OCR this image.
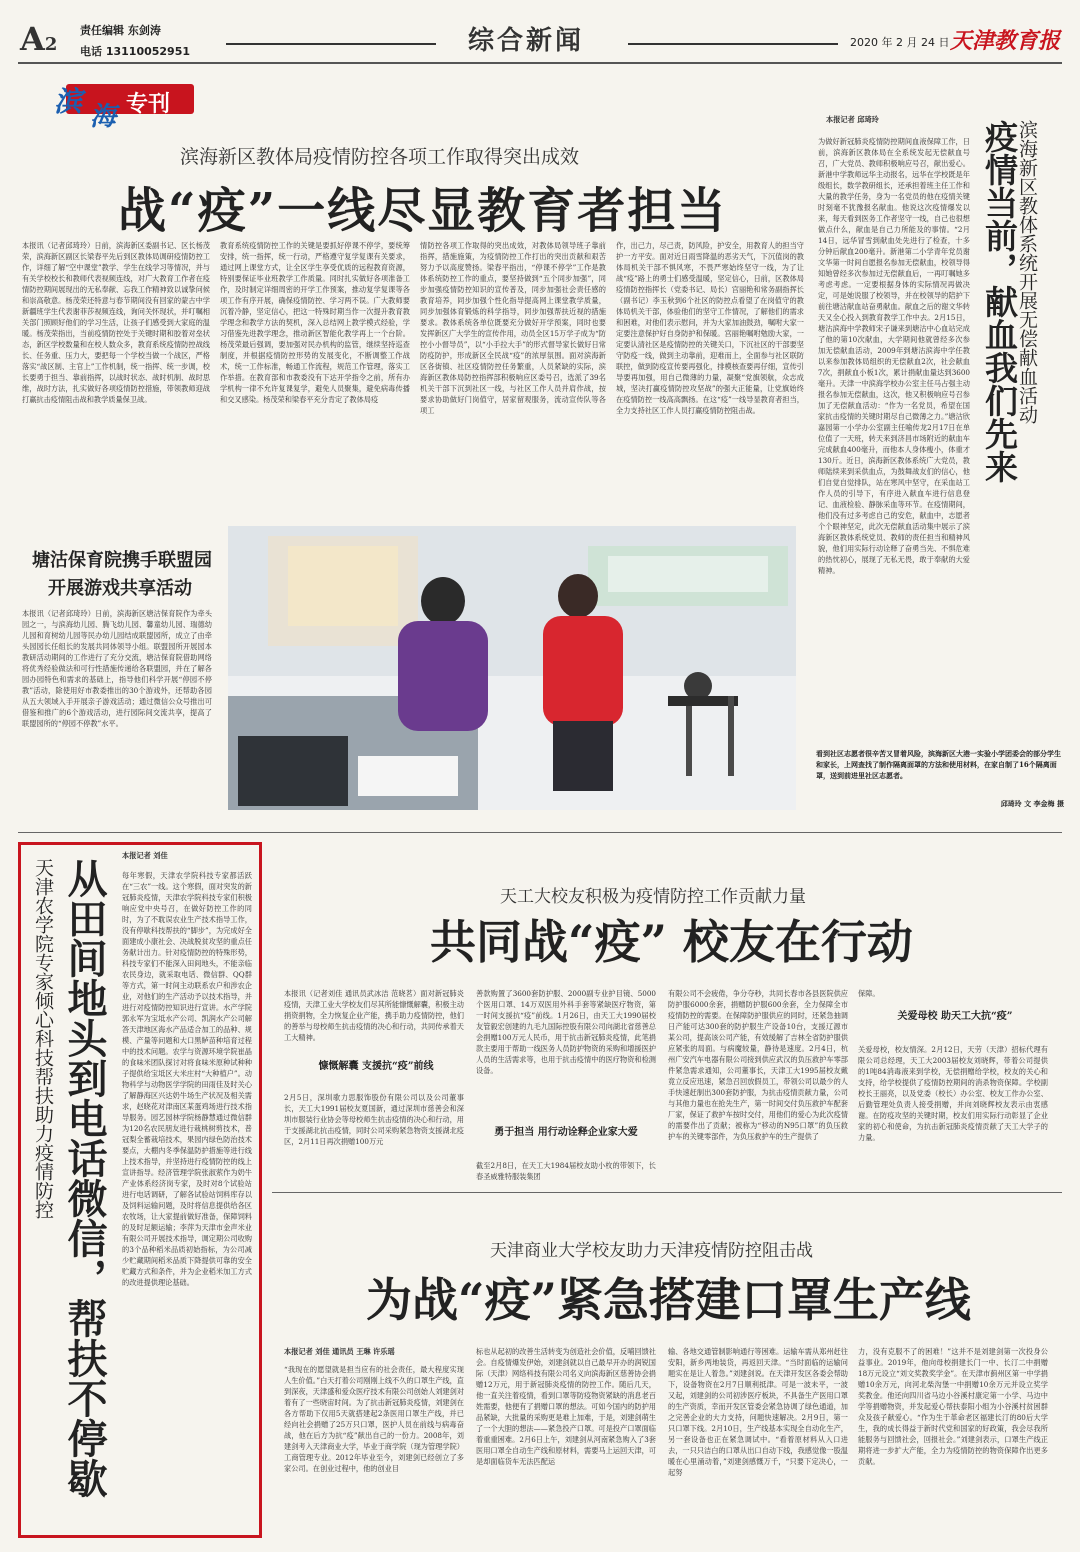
A2
责任编辑 东剑涛
电话 13110052951	综合新闻	2020 年 2 月 24 日 天津教育报
滨 海 专刊
滨海新区教体局疫情防控各项工作取得突出成效
战“疫”一线尽显教育者担当
本报讯（记者邱琦玲）日前，滨海新区委副书记、区长杨茂荣，滨海新区副区长梁春平先后到区教体局调研疫情防控工作，详细了解“空中课堂”教学、学生在线学习等情况，并与有关学校校长和教师代表视频连线，对广大教育工作者在疫情防控期间展现出的无私奉献、忘我工作精神致以诚挚问候和崇高敬意。杨茂荣还特意与春节期间没有回家的蒙古中学新疆班学生代表谢菲莎视频连线，询问关怀现状，并叮嘱相关部门照顾好他们的学习生活，让孩子们感受到大家庭的温暖。杨茂荣指出，当前疫情防控处于关键时期和胶着对垒状态，新区学校数量和在校人数众多，教育系统疫情防控战线长、任务重、压力大，要把每一个学校当做一个战区，严格落实“战区制、主官上”工作机制，统一指挥、统一步调，校长要勇于担当、靠前指挥，以战时状态、战时机制、战时思维，战时方法，扎实做好各项疫情防控措施，带领教师迎战打赢抗击疫情阻击战和教学质量保卫战。
教育系统疫情防控工作的关键是要抓好停课不停学，要统筹安排，统一指挥，统一行动，严格遵守复学复课有关要求，通过网上课堂方式，让全区学生享受优质的远程教育资源，特别要保证毕业班教学工作质量。同时扎实做好各项准备工作，及时制定详细周密的开学工作预案，推动复学复课等各项工作有序开展，确保疫情防控、学习两不误。广大教师要沉着冷静，坚定信心，把这一特殊时期当作一次提升教育教学理念和教学方法的契机，深入总结网上教学模式经验，学习借鉴先进教学理念，推动新区智能化教学再上一个台阶。杨茂荣最后强调，要加强对民办机构的监管，继续坚持巡查制度，并根据疫情防控形势的发展变化，不断调整工作战术，统一工作标准，畅通工作流程，规范工作管理，落实工作举措。在教育部和市教委没有下达开学指令之前，所有办学机构一律不允许复课复学，避免人员聚集，避免病毒传播和交叉感染。杨茂荣和梁春平充分肯定了教体局疫
情防控各项工作取得的突出成效，对教体局领导班子靠前指挥，措施施策，为疫情防控工作打出的突出贡献和艰苦努力予以高度赞扬。梁春平指出，“停课不停学”工作是教体系统防控工作的重点，要坚持做到“五个同步加强”，同步加强疫情防控知识的宣传普及，同步加强社会责任感的教育培养，同步加强个性化指导提高网上课堂教学质量，同步加强体育锻炼的科学指导，同步加强帮扶近视的措施要求。教体系统各单位既要充分做好开学预案，同时也要发挥新区广大学生的宣传作用，动员全区15万学子成为“防控小小督导员”，以“小手拉大手”的形式督导家长做好日常防疫防护，形成新区全民战“疫”的浓厚氛围。面对滨海新区各街镇、社区疫情防控任务繁重，人员紧缺的实际，滨海新区教体局防控指挥部积极响应区委号召，选派了39名机关干部下沉到社区一线，与社区工作人员并肩作战，按要求协助做好门岗值守，居家留观服务，流动宣传队等各项工
作，出己力，尽己责，防风险，护安全，用教育人的担当守护一方平安。面对近日雨雪降温的恶劣天气，下沉值岗的教体局机关干部不惧风寒，不畏严寒始终坚守一线，为了让战“疫”路上的勇士们感受温暖，坚定信心，日前，区教体局疫情防控指挥长（党委书记、局长）宫丽艳和常务副指挥长（副书记）李玉秋到6个社区的防控点看望了在岗值守的教体局机关干部，体验他们的坚守工作情况，了解他们的需求和困难，对他们表示慰问，并为大家加油鼓劲，嘱咐大家一定要注意保护好自身防护和保暖。宫丽艳嘱咐勉励大家，一定要认清社区是疫情防控的关键关口，下沉社区的干部要坚守防疫一线，做到主动靠前，迎难而上，全面参与社区联防联控，做到防疫宣传要再强化，排模核查要再仔细，宣传引导要再加强，用自己微薄的力量，凝聚“党旗领航，众志成城，坚决打赢疫情防控攻坚战”的强大正能量，让党旗始终在疫情防控一线高高飘扬。在这“疫”一线导显教育者担当，全力支持社区工作人员打赢疫情防控阻击战。
本报记者 邱琦玲
为做好新冠肺炎疫情防控期间血液保障工作，日前，滨海新区教体局在全系统发起无偿献血号召，广大党员、教师积极响应号召，献出爱心。新港中学教师远华主动报名，远华在学校既是年级组长，数学教研组长，还承担着班主任工作和大量的教学任务，身为一名党员的他在疫情关键时刻毫不犹豫报名献血。他说这次疫情爆发以来，每天看到医务工作者坚守一线，自己也很想做点什么，献血是自己力所能及的事情。“2月14日，远华冒雪到献血处先进行了检查，十多分钟后献血200毫升。新港第二小学青年党员谢文华第一时间自愿报名参加无偿献血，校领导得知她曾经多次参加过无偿献血后，一再叮嘱她多考虑考虑。一定要根据身体的实际情况再做决定，可是她说服了校领导，并在校领导的陪护下前往塘沽献血站奋勇献血。献血之后的谢文华转天又全心投入到教育教学工作中去。2月15日，塘沽滨海中学教师宋子谦来到塘沽中心血站完成了他的第10次献血，大学期间他就曾经多次参加无偿献血活动，2009年到塘沽滨海中学任教以来参加教体局组织的无偿献血2次，社会献血7次，捐献血小板1次，累计捐献血量达到3600毫升。天津一中滨海学校办公室主任马占强主动报名参加无偿献血，这次，他又积极响应号召参加了无偿献血活动：“作为一名党员，希望在国家抗击疫情的关键时期尽自己微薄之力。”塘沽欣嘉园第一小学办公室副主任喻传龙2月17日在单位值了一天班，转天来到济昌市场附近的献血车完成献血400毫升，而他本人身体瘦小，体重才130斤。近日，滨海新区教体系统广大党员，教师陆续来到采供血点，为鼓舞战友们的信心，他们自觉自觉排队，站在寒风中坚守，在采血站工作人员的引导下，有序进入献血车进行信息登记、血液检验、静脉采血等环节。在疫情期间，他们没有过多考虑自己的安危，献血中，志愿者个个眼神坚定，此次无偿献血活动集中展示了滨海新区教体系统党员、教师的责任担当和精神风貌，他们用实际行动诠释了奋勇当先、不惧危难的热忱初心，展现了无私无畏，敢于奉献的大爱精神。
滨海新区教体系统开展无偿献血活动
疫情当前，献血我们先来
塘沽保育院携手联盟园
开展游戏共享活动
本报讯（记者邱琦玲）日前，滨海新区塘沽保育院作为牵头园之一，与滨海幼儿园、腾飞幼儿园、馨童幼儿园、瑞德幼儿园和育树幼儿园等民办幼儿园结成联盟园所，成立了由牵头园园长任组长的发展共同体领导小组。联盟园所开展园本教研活动期间的工作进行了充分交流，塘沽保育院借助网络将优秀经验做法和可行性措施传递给各联盟园，并在了解各园办园特色和需求的基础上，指导他们科学开展“停园不停教”活动，除使用好市教委推出的30个游戏外，还帮助各园从五大领域入手开展亲子游戏活动；通过微信公众号推出可借鉴和推广的6个游戏活动，进行园际间交流共享，提高了联盟园所的“停园不停教”水平。
看到社区志愿者很辛苦又冒着风险，滨海新区大港一实验小学团委会的部分学生和家长，上网查找了制作隔离面罩的方法和使用材料，在家自制了16个隔离面罩，送到前进里社区志愿者。
邱琦玲 文 李金梅 摄
天津农学院专家倾心科技帮扶助力疫情防控 从田间地头到电话微信，帮扶不停歇
本报记者 刘佳
每年寒假，天津农学院科技专家都活跃在“三农”一线。这个寒假，面对突发的新冠肺炎疫情，天津农学院科技专家们积极响应党中央号召，在做好防控工作的同时，为了不耽误农业生产技术指导工作，没有停歇科技帮扶的“脚步”，为完成好全面建成小康社会、决战脱贫攻坚的重点任务献计出力。针对疫情防控的特殊形势，科技专家们不能深入田间地头，不能亲临农民身边，就采取电话、微信群、QQ群等方式，第一时间主动联系农户和涉农企业，对他们的生产活动予以技术指导，并进行对疫情防控知识进行宣讲。水产学院郭永军为宝坻水产公司、凯润水产公司解答天津地区海水产品适合加工的品种、规模、产量等问题和大口黑鲈苗种培育过程中的技术问题。农学与资源环境学院崔晶的食味米团队探讨对将食味米原种试种种子提供给宝坻区大米庄村“大种植户”。动物科学与动物医学学院的田雨佳及时关心了解静海区兴达奶牛场生产状况及相关需求，赵晓花对津南区某蛋鸡场进行技术指导服务。园艺园林学院杨静慧通过微信群为120名农民朋友进行栽桃树剪技术，普冠梨全蓄栽培技术，果园内绿色防治技术要点，大棚内冬季保温防护措施等进行线上技术指导，并坚持进行疫情防控的线上宣讲指导。经济管理学院张淑萦作为奶牛产业体系经济岗专家，及时对8个试验站进行电话调研，了解各试验站饲料库存以及饲料运输问题，及时将信息提供给各区农牧场，让大家提前做好准备，保障饲料的及时足额运输；李萍为天津市金声米业有限公司开展技术指导，调定期公司收购的3个品种稻米品质初始指标，为公司减少贮藏期间稻米品质下降提供可靠的安全贮藏方式和条件，并为企业稻米加工方式的改进提供理论基础。
天工大校友积极为疫情防控工作贡献力量
共同战“疫” 校友在行动
本报讯（记者刘佳 通讯员武冰洁 范晓茗）面对新冠肺炎疫情，天津工业大学校友们尽其所能慷慨解囊，积极主动捐资捐物，全力恢复企业产能，携手助力疫情防控，他们的善举与母校师生抗击疫情的决心和行动，共同传承着天工大精神。
慷慨解囊 支援抗“疫”前线
2月5日，深圳歌力思服饰股份有限公司以及公司董事长，天工大1991届校友夏国新，通过深圳市慈善会和深圳市服装行业协会等母校师生抗击疫情的决心和行动，用于支援湖北抗击疫情，同时公司采购紧急物资支援湖北疫区，2月11日再次捐赠100万元
善款购置了3600套防护服、2000副专业护目镜、5000个医用口罩、14万双医用外科手套等紧缺医疗物资，第一时间支援抗“疫”前线。1月26日，由天工大1990届校友管毅宏创建的九毛九国际控股有限公司向湖北省慈善总会捐赠100万元人民币，用于抗击新冠肺炎疫情，此笔捐款主要用于帮助一线医务人员防护物资的采购和增援医护人员的生活需求等，也用于抗击疫情中的医疗物资和检测设备。
勇于担当 用行动诠释企业家大爱
截至2月8日，在天工大1984届校友助小枚的带领下，长春圣威雅特服装集团
有限公司不会疲倦，争分夺秒，共同长春市各县医院供应防护服6000余套，捐赠防护服600余套，全力保障全市疫情防控的需要。在保障防护服供应的同时，还紧急抽调日产能可达300套的防护服生产设备10台，支援辽源市某公司，提高该公司产能，有效缓解了吉林全省防护服供应紧张的局面。与病魔较量，静待是速度。2月4日，杭州广安汽车电器有限公司接到供应武汉的负压救护车零部件紧急需求通知，公司董事长，天津工大1995届校友戴竟立反应迅速，紧急召回放假员工，带领公司以最少的人手快速赶制出300套防护服，为抗击疫情贡献力量，公司与其他力量也在抢先生产，第一时间交付负压救护车配套厂家，保证了救护车按时交付，用他们的爱心为此次疫情的需要作出了贡献；被称为“移动的N95口罩”的负压救护车的关键零部件，为负压救护车的生产提供了
保障。
关爱母校 助天工大抗“疫”
关爱母校，校友情深。2月12日，天劳（天津）招标代理有限公司总经理，天工大2003届校友刘晓辉，带着公司提供的1吨84消毒液来到学校，无偿捐赠给学校，校友的关心和支持，给学校提供了疫情防控期间的消杀物资保障。学校副校长王丽亮，以及党委（校长）办公室、校友工作办公室、后勤管理处负责人接受捐赠，并向刘晓辉校友表示由衷感谢。在防疫攻坚的关键时期，校友们用实际行动彰显了企业家的初心和使命，为抗击新冠肺炎疫情贡献了天工大学子的力量。
天津商业大学校友助力天津疫情防控阻击战
为战“疫”紧急搭建口罩生产线
本报记者 刘佳 通讯员 王琳 许乐瑶
“我现在的愿望就是担当应有的社会责任，最大程度实现人生价值。”白天打着公司刚刚上线不久的口罩生产线，直到深夜，天津盛和爱众医疗技术有限公司创始人刘建剑对着有了一些晓宙时间。为了抗击新冠肺炎疫情，刘建剑在各方帮助下仅用5天就搭建起2条医用口罩生产线，并已经向社会捐赠了25万只口罩，医护人员在前线与病毒奋战，他在后方为抗“疫”献出自己的一份力。2008年，刘建剑考入天津商业大学，毕业于商学院（现为管理学院）工商管理专业。2012年毕业至今，刘建剑已经创立了多家公司。在创业过程中，他的创业目
标也从起初的改善生活转变为创造社会价值，反哺回馈社会。自疫情爆发伊始，刘建剑就以自己最早开办的润锐国际（天津）网络科技有限公司名义向滨海新区慈善协会捐赠12万元，用于新冠肺炎疫情的防控工作。随后几天，他一直关注着疫情，看到口罩等防疫物资紧缺的消息老百姓需要，他便有了捐赠口罩的想法。可如今国内的防护用品紧缺，大批量的采购更是难上加难，于是，刘建剑萌生了一个大胆的想法——紧急投产口罩。可是投产口罩面临着重重困难。2月6日上午，刘建剑从河南紧急购入了3套医用口罩全自动生产线和原材料，需要马上运回天津，可是却面临货车无法匹配运
输、各地交通管制影响通行等困难。运输车需从郑州赶往安阳，新乡两地装货，再返回天津。“当时面临的运输问题实在是让人着急。”刘建剑说。在天津开发区各委会帮助下，设备物资在2月7日顺利抵津。可是一波未平，一波又起，刘建剑的公司初涉医疗板块，不具备生产医用口罩的生产资质，幸而开发区管委会紧急协调了绿色通道，加之完善企业的大力支持，问题快速解决。2月9日，第一只口罩下线。2月10日，生产线基本实现全自动化生产，另一套设备也正在紧急调试中。“看着原材料从入口进去，一只只洁白的口罩从出口自动下线，我感觉像一股温暖在心里涌动着，”刘建剑感慨万千，“只要下定决心，一起努
力，没有克服不了的困难！”这并不是刘建剑第一次投身公益事业。2019年，他向母校捐建长门一中、长汀二中捐赠18万元设立“刘文奖教奖学金”。在天津市蓟州区第一中学捐赠10余万元，向河北柴沟堡一中捐赠10余万元并设立奖学奖教金。他还向四川省马边小谷溪村康定第一小学、马边中学等捐赠物资，并发起爱心帮扶泰阳小组为小谷溪村贫困群众及孩子献爱心。“作为生于革命老区福建长汀的80后大学生，我的成长得益于新时代党和国家的好政策，我会尽我所能服务与回馈社会，回报社会。”刘建剑表示，口罩生产线正期将进一步扩大产能，全力为疫情防控的物资保障作出更多贡献。
